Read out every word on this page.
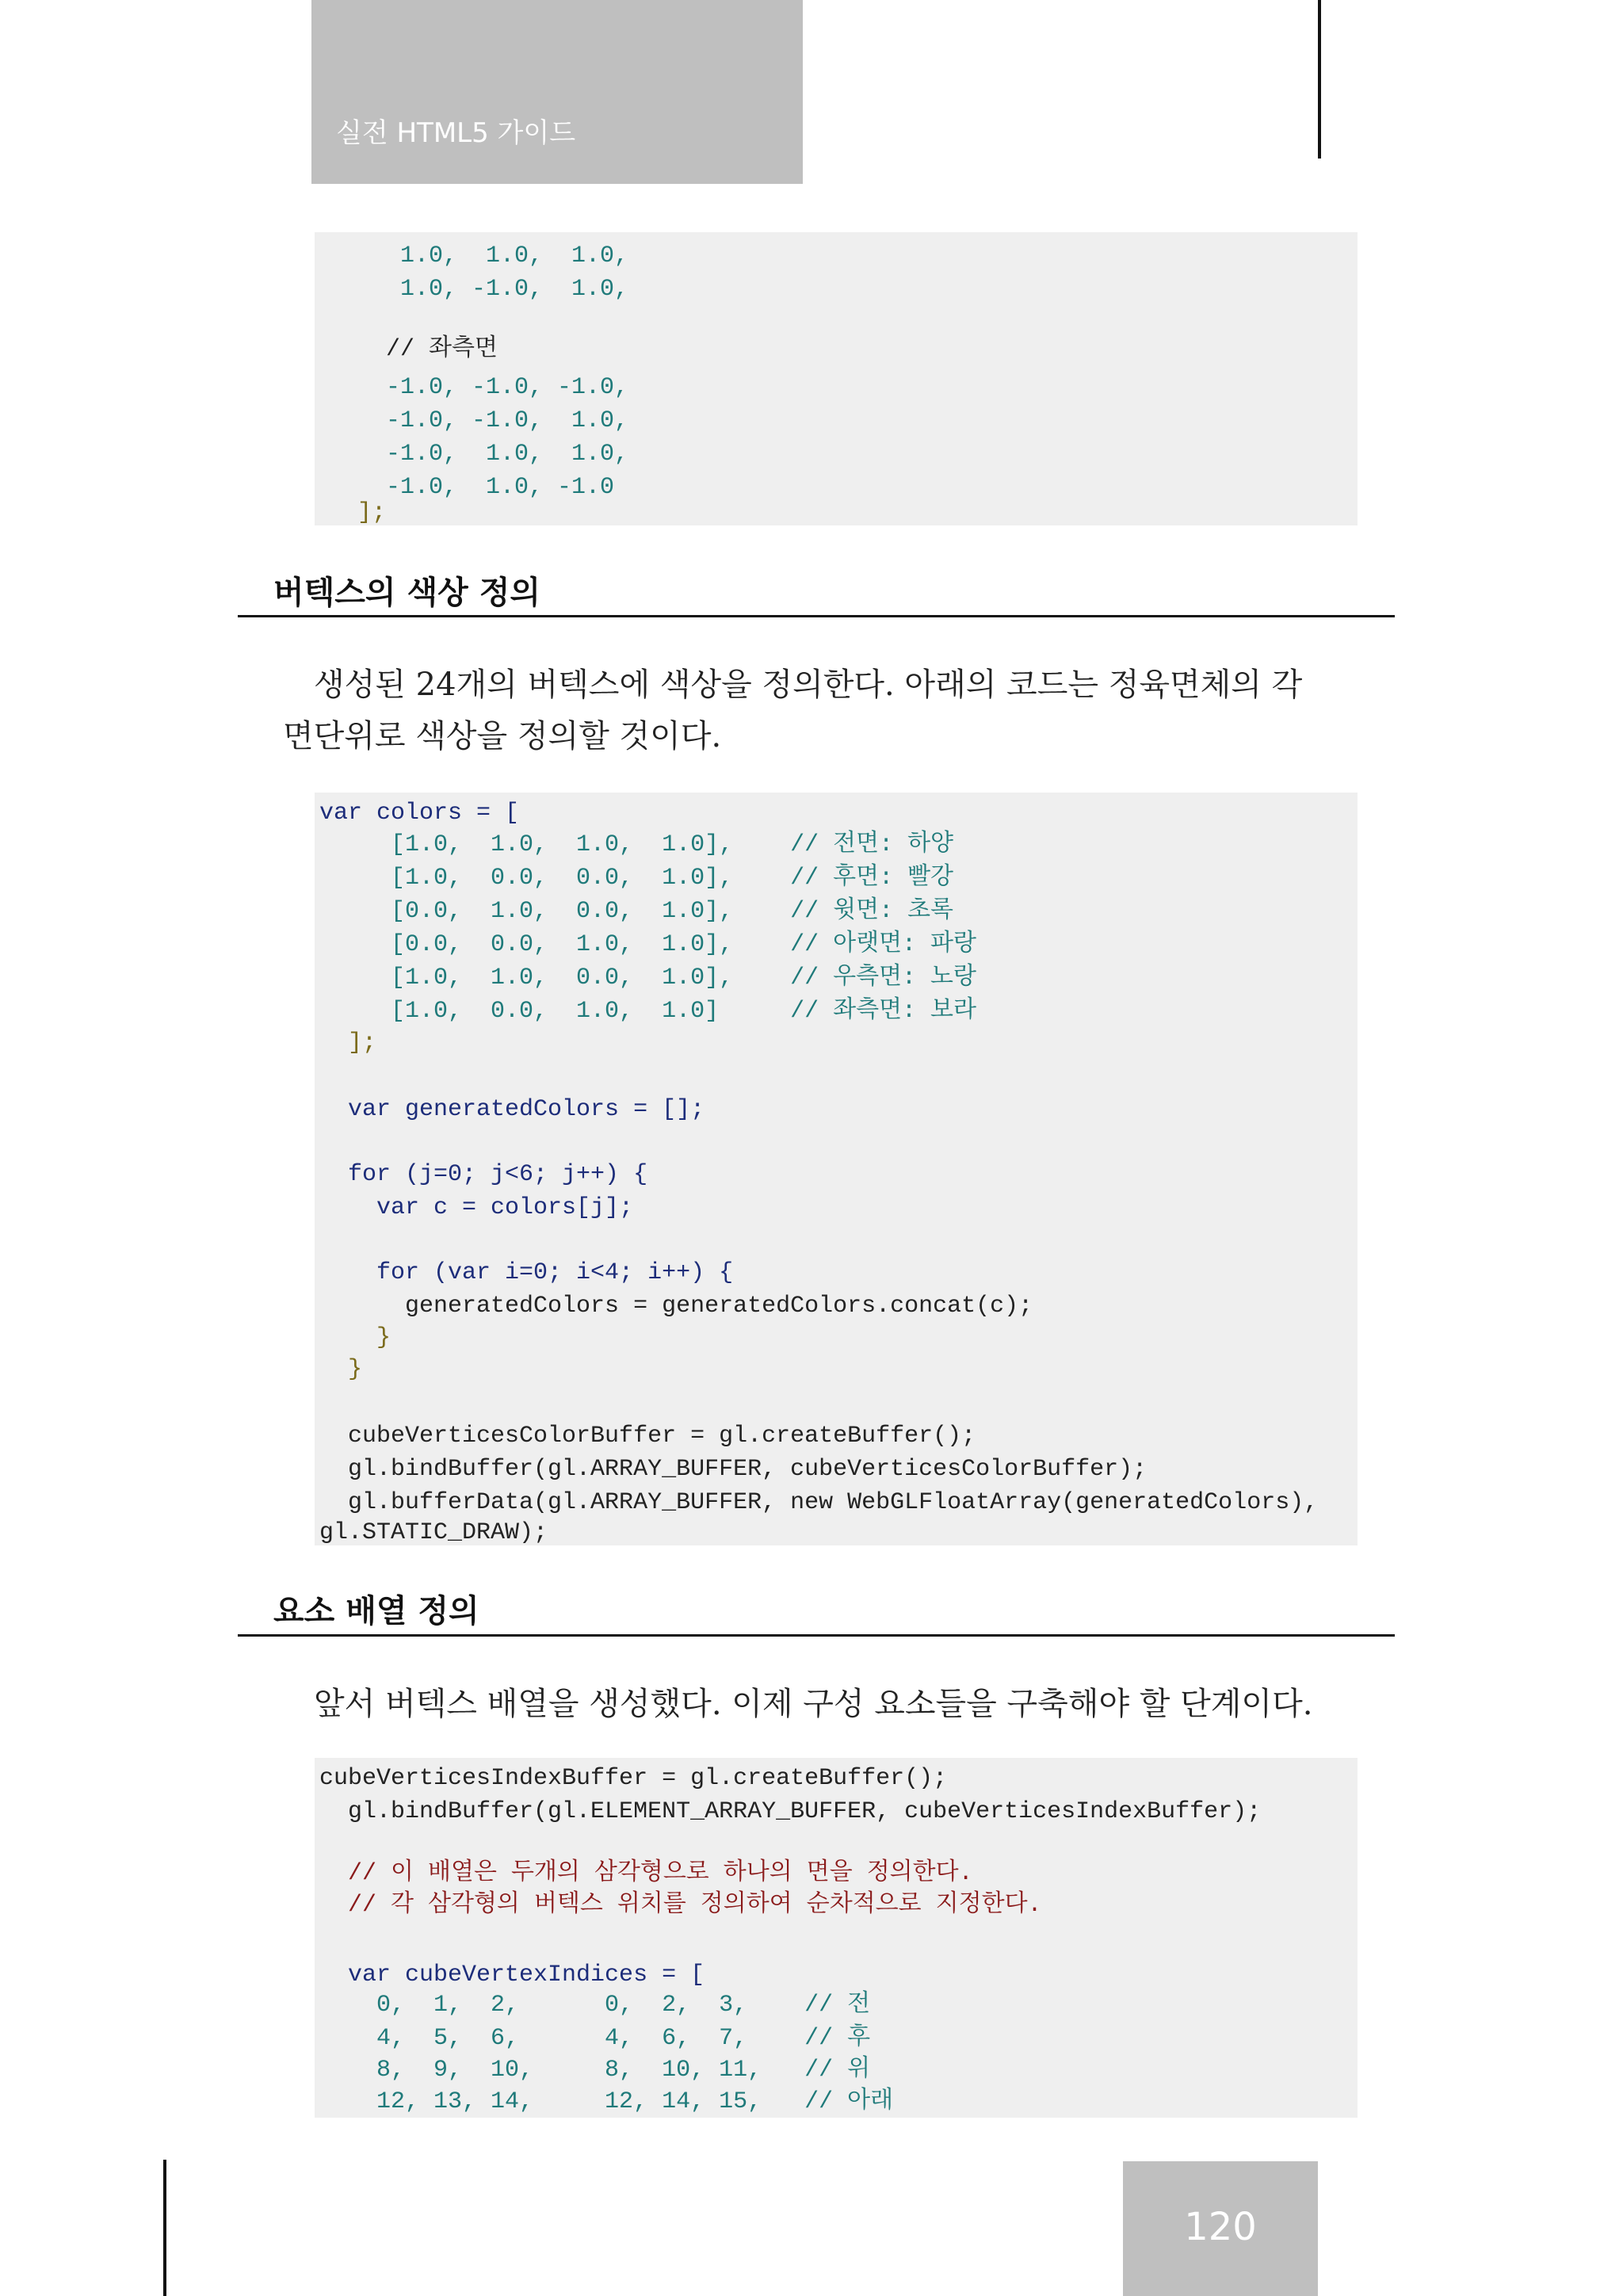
실전 HTML5 가이드
1.0,  1.0,  1.0,
1.0, -1.0,  1.0,
// 좌측면
-1.0, -1.0, -1.0,
-1.0, -1.0,  1.0,
-1.0,  1.0,  1.0,
-1.0,  1.0, -1.0
];
버텍스의 색상 정의
생성된 24개의 버텍스에 색상을 정의한다. 아래의 코드는 정육면체의 각
면단위로 색상을 정의할 것이다.
var colors = [
[1.0,  1.0,  1.0,  1.0],    // 전면: 하양
[1.0,  0.0,  0.0,  1.0],    // 후면: 빨강
[0.0,  1.0,  0.0,  1.0],    // 윗면: 초록
[0.0,  0.0,  1.0,  1.0],    // 아랫면: 파랑
[1.0,  1.0,  0.0,  1.0],    // 우측면: 노랑
[1.0,  0.0,  1.0,  1.0]     // 좌측면: 보라
];
var generatedColors = [];
for (j=0; j<6; j++) {
var c = colors[j];
for (var i=0; i<4; i++) {
generatedColors = generatedColors.concat(c);
}
}
cubeVerticesColorBuffer = gl.createBuffer();
gl.bindBuffer(gl.ARRAY_BUFFER, cubeVerticesColorBuffer);
gl.bufferData(gl.ARRAY_BUFFER, new WebGLFloatArray(generatedColors),
gl.STATIC_DRAW);
요소 배열 정의
앞서 버텍스 배열을 생성했다. 이제 구성 요소들을 구축해야 할 단계이다.
cubeVerticesIndexBuffer = gl.createBuffer();
gl.bindBuffer(gl.ELEMENT_ARRAY_BUFFER, cubeVerticesIndexBuffer);
// 이 배열은 두개의 삼각형으로 하나의 면을 정의한다.
// 각 삼각형의 버텍스 위치를 정의하여 순차적으로 지정한다.
var cubeVertexIndices = [
0,  1,  2,      0,  2,  3,    // 전
4,  5,  6,      4,  6,  7,    // 후
8,  9,  10,     8,  10, 11,   // 위
12, 13, 14,     12, 14, 15,   // 아래
120
